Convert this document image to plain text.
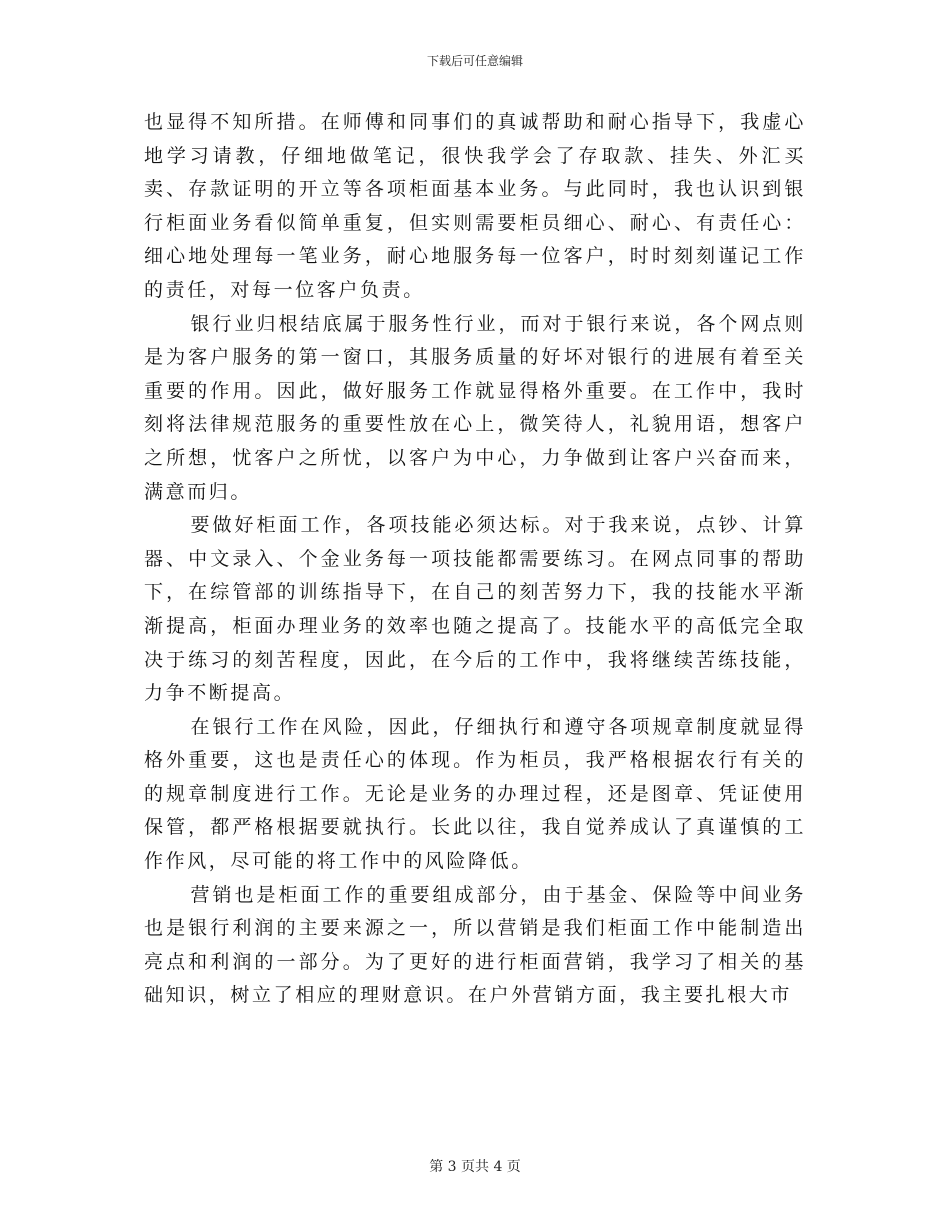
下载后可任意编辑

也显得不知所措。在师傅和同事们的真诚帮助和耐心指导下，我虚心地学习请教，仔细地做笔记，很快我学会了存取款、挂失、外汇买卖、存款证明的开立等各项柜面基本业务。与此同时，我也认识到银行柜面业务看似简单重复，但实则需要柜员细心、耐心、有责任心：细心地处理每一笔业务，耐心地服务每一位客户，时时刻刻谨记工作的责任，对每一位客户负责。

银行业归根结底属于服务性行业，而对于银行来说，各个网点则是为客户服务的第一窗口，其服务质量的好坏对银行的进展有着至关重要的作用。因此，做好服务工作就显得格外重要。在工作中，我时刻将法律规范服务的重要性放在心上，微笑待人，礼貌用语，想客户之所想，忧客户之所忧，以客户为中心，力争做到让客户兴奋而来，满意而归。

要做好柜面工作，各项技能必须达标。对于我来说，点钞、计算器、中文录入、个金业务每一项技能都需要练习。在网点同事的帮助下，在综管部的训练指导下，在自己的刻苦努力下，我的技能水平渐渐提高，柜面办理业务的效率也随之提高了。技能水平的高低完全取决于练习的刻苦程度，因此，在今后的工作中，我将继续苦练技能，力争不断提高。

在银行工作在风险，因此，仔细执行和遵守各项规章制度就显得格外重要，这也是责任心的体现。作为柜员，我严格根据农行有关的的规章制度进行工作。无论是业务的办理过程，还是图章、凭证使用保管，都严格根据要就执行。长此以往，我自觉养成认了真谨慎的工作作风，尽可能的将工作中的风险降低。

营销也是柜面工作的重要组成部分，由于基金、保险等中间业务也是银行利润的主要来源之一，所以营销是我们柜面工作中能制造出亮点和利润的一部分。为了更好的进行柜面营销，我学习了相关的基础知识，树立了相应的理财意识。在户外营销方面，我主要扎根大市

第 3 页共 4 页
